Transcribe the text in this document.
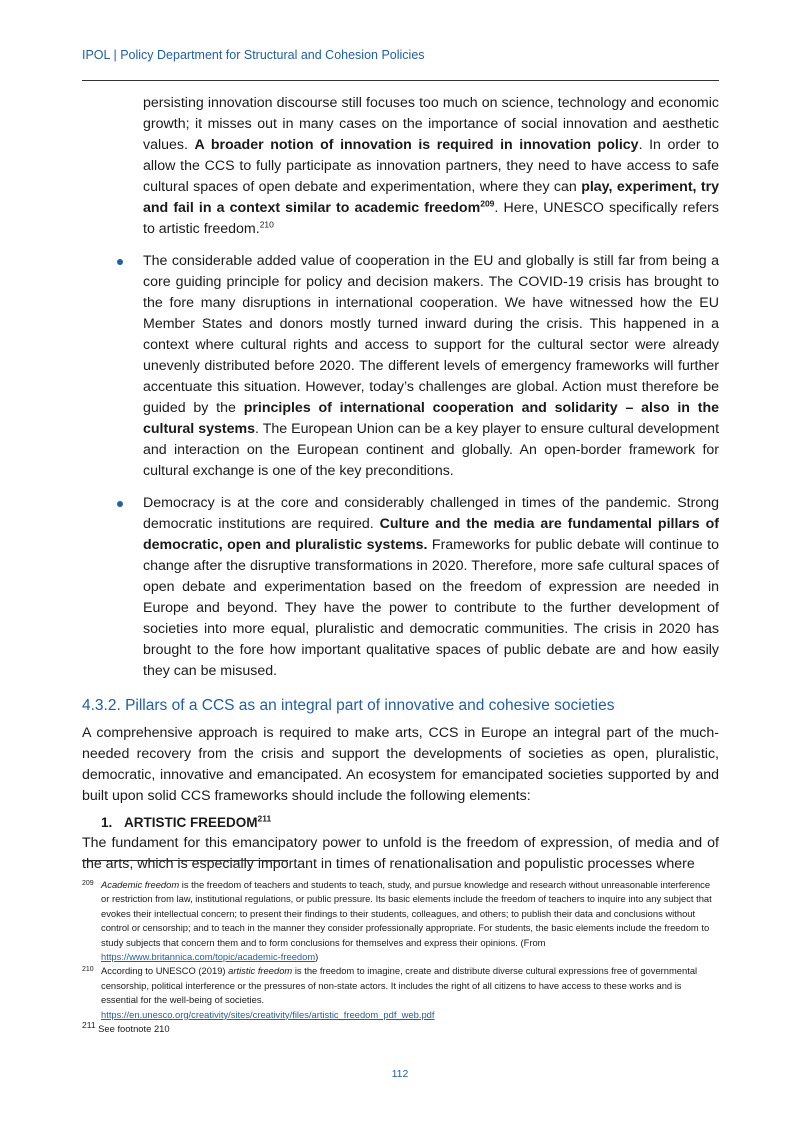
IPOL | Policy Department for Structural and Cohesion Policies

persisting innovation discourse still focuses too much on science, technology and economic growth; it misses out in many cases on the importance of social innovation and aesthetic values. A broader notion of innovation is required in innovation policy. In order to allow the CCS to fully participate as innovation partners, they need to have access to safe cultural spaces of open debate and experimentation, where they can play, experiment, try and fail in a context similar to academic freedom$^{209}$. Here, UNESCO specifically refers to artistic freedom.$^{210}$

The considerable added value of cooperation in the EU and globally is still far from being a core guiding principle for policy and decision makers. The COVID-19 crisis has brought to the fore many disruptions in international cooperation. We have witnessed how the EU Member States and donors mostly turned inward during the crisis. This happened in a context where cultural rights and access to support for the cultural sector were already unevenly distributed before 2020. The different levels of emergency frameworks will further accentuate this situation. However, today’s challenges are global. Action must therefore be guided by the principles of international cooperation and solidarity – also in the cultural systems. The European Union can be a key player to ensure cultural development and interaction on the European continent and globally. An open-border framework for cultural exchange is one of the key preconditions.
Democracy is at the core and considerably challenged in times of the pandemic. Strong democratic institutions are required. Culture and the media are fundamental pillars of democratic, open and pluralistic systems. Frameworks for public debate will continue to change after the disruptive transformations in 2020. Therefore, more safe cultural spaces of open debate and experimentation based on the freedom of expression are needed in Europe and beyond. They have the power to contribute to the further development of societies into more equal, pluralistic and democratic communities. The crisis in 2020 has brought to the fore how important qualitative spaces of public debate are and how easily they can be misused.
4.3.2. Pillars of a CCS as an integral part of innovative and cohesive societies

A comprehensive approach is required to make arts, CCS in Europe an integral part of the much-needed recovery from the crisis and support the developments of societies as open, pluralistic, democratic, innovative and emancipated. An ecosystem for emancipated societies supported by and built upon solid CCS frameworks should include the following elements:

1. ARTISTIC FREEDOM$^{211}$

The fundament for this emancipatory power to unfold is the freedom of expression, of media and of the arts, which is especially important in times of renationalisation and populistic processes where

209 Academic freedom is the freedom of teachers and students to teach, study, and pursue knowledge and research without unreasonable interference or restriction from law, institutional regulations, or public pressure. Its basic elements include the freedom of teachers to inquire into any subject that evokes their intellectual concern; to present their findings to their students, colleagues, and others; to publish their data and conclusions without control or censorship; and to teach in the manner they consider professionally appropriate. For students, the basic elements include the freedom to study subjects that concern them and to form conclusions for themselves and express their opinions. (From https://www.britannica.com/topic/academic-freedom)
210 According to UNESCO (2019) artistic freedom is the freedom to imagine, create and distribute diverse cultural expressions free of governmental censorship, political interference or the pressures of non-state actors. It includes the right of all citizens to have access to these works and is essential for the well-being of societies.
https://en.unesco.org/creativity/sites/creativity/files/artistic_freedom_pdf_web.pdf
$^{211}$ See footnote 210
112
